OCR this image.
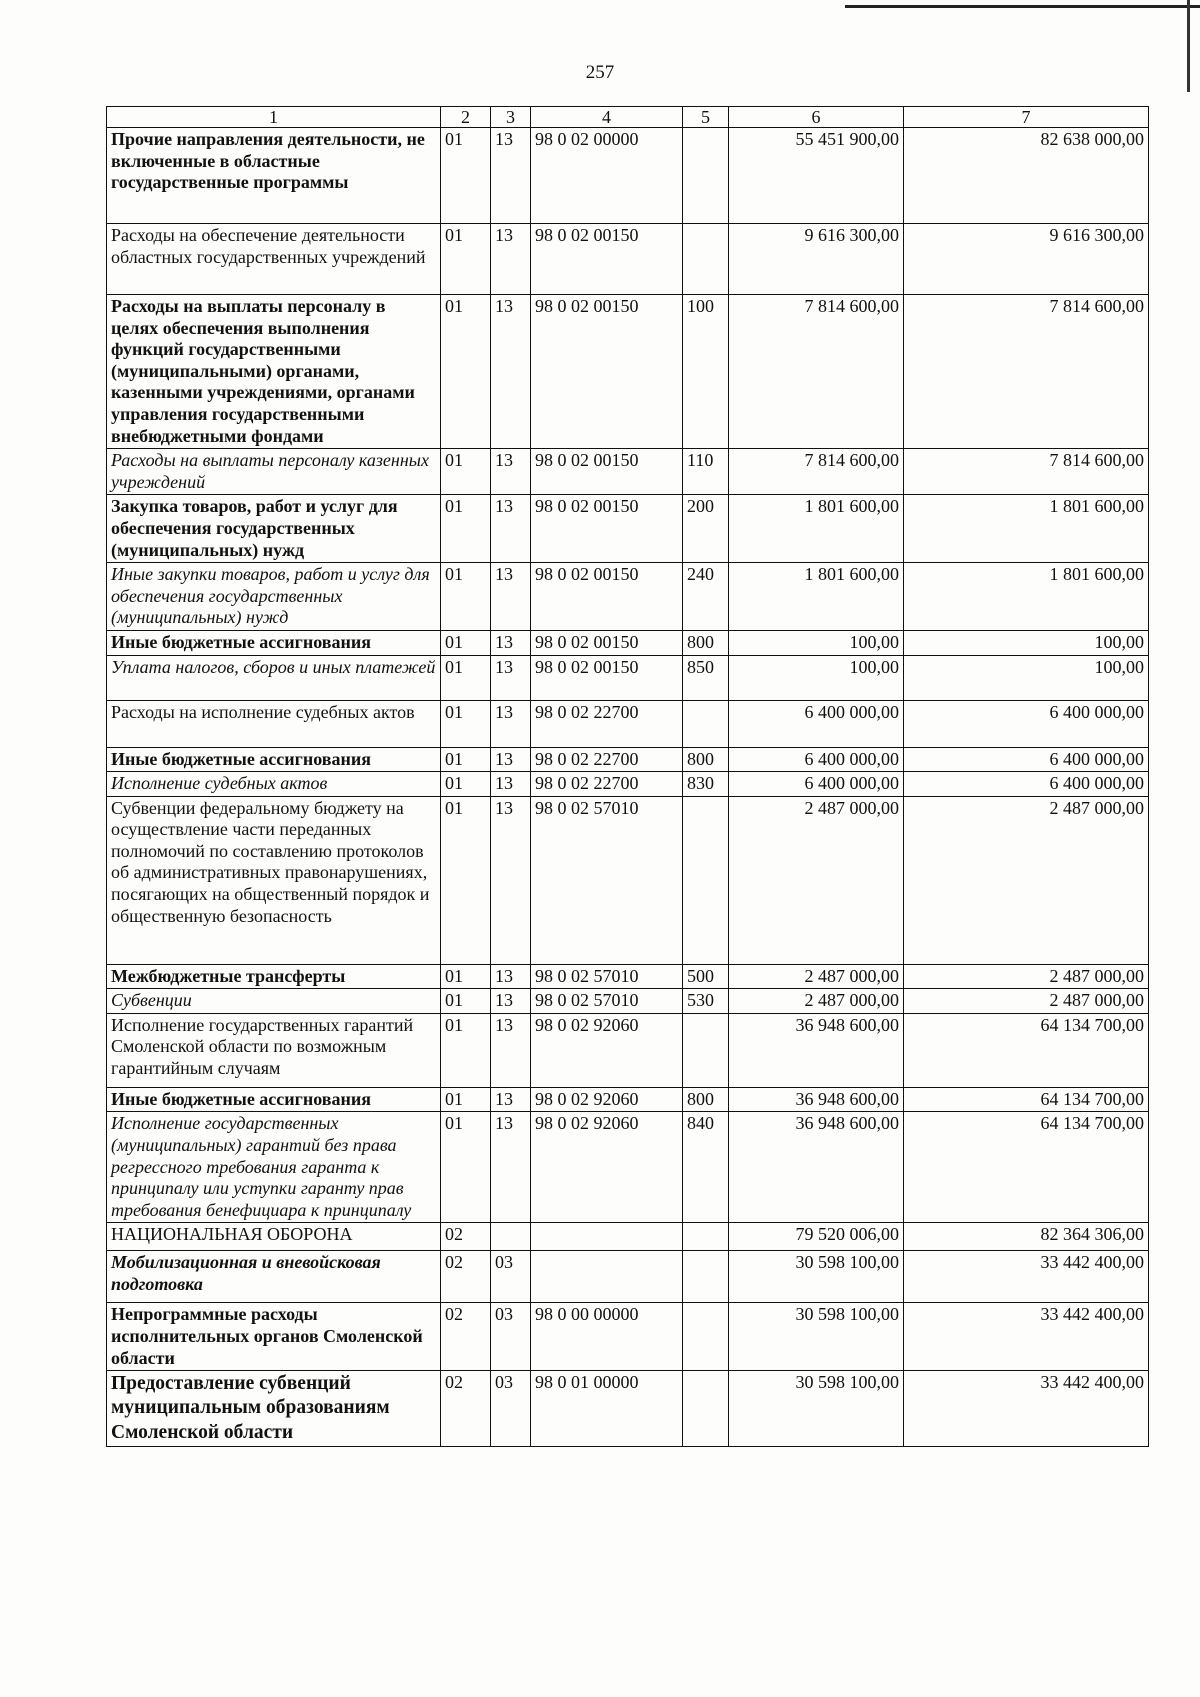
257
1	2	3	4	5	6	7
Прочие направления деятельности, не включенные в областные государственные программы	01	13	98 0 02 00000		55 451 900,00	82 638 000,00
Расходы на обеспечение деятельности областных государственных учреждений	01	13	98 0 02 00150		9 616 300,00	9 616 300,00
Расходы на выплаты персоналу в целях обеспечения выполнения функций государственными (муниципальными) органами, казенными учреждениями, органами управления государственными внебюджетными фондами	01	13	98 0 02 00150	100	7 814 600,00	7 814 600,00
Расходы на выплаты персоналу казенных учреждений	01	13	98 0 02 00150	110	7 814 600,00	7 814 600,00
Закупка товаров, работ и услуг для обеспечения государственных (муниципальных) нужд	01	13	98 0 02 00150	200	1 801 600,00	1 801 600,00
Иные закупки товаров, работ и услуг для обеспечения государственных (муниципальных) нужд	01	13	98 0 02 00150	240	1 801 600,00	1 801 600,00
Иные бюджетные ассигнования	01	13	98 0 02 00150	800	100,00	100,00
Уплата налогов, сборов и иных платежей	01	13	98 0 02 00150	850	100,00	100,00
Расходы на исполнение судебных актов	01	13	98 0 02 22700		6 400 000,00	6 400 000,00
Иные бюджетные ассигнования	01	13	98 0 02 22700	800	6 400 000,00	6 400 000,00
Исполнение судебных актов	01	13	98 0 02 22700	830	6 400 000,00	6 400 000,00
Субвенции федеральному бюджету на осуществление части переданных полномочий по составлению протоколов об административных правонарушениях, посягающих на общественный порядок и общественную безопасность	01	13	98 0 02 57010		2 487 000,00	2 487 000,00
Межбюджетные трансферты	01	13	98 0 02 57010	500	2 487 000,00	2 487 000,00
Субвенции	01	13	98 0 02 57010	530	2 487 000,00	2 487 000,00
Исполнение государственных гарантий Смоленской области по возможным гарантийным случаям	01	13	98 0 02 92060		36 948 600,00	64 134 700,00
Иные бюджетные ассигнования	01	13	98 0 02 92060	800	36 948 600,00	64 134 700,00
Исполнение государственных (муниципальных) гарантий без права регрессного требования гаранта к принципалу или уступки гаранту прав требования бенефициара к принципалу	01	13	98 0 02 92060	840	36 948 600,00	64 134 700,00
НАЦИОНАЛЬНАЯ ОБОРОНА	02				79 520 006,00	82 364 306,00
Мобилизационная и вневойсковая подготовка	02	03			30 598 100,00	33 442 400,00
Непрограммные расходы исполнительных органов Смоленской области	02	03	98 0 00 00000		30 598 100,00	33 442 400,00
Предоставление субвенций муниципальным образованиям Смоленской области	02	03	98 0 01 00000		30 598 100,00	33 442 400,00
